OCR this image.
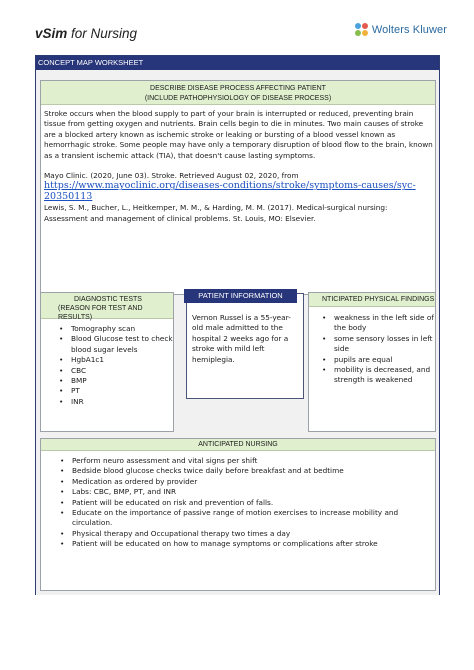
vSim for Nursing	Wolters Kluwer
CONCEPT MAP WORKSHEET
DESCRIBE DISEASE PROCESS AFFECTING PATIENT
(INCLUDE PATHOPHYSIOLOGY OF DISEASE PROCESS)
Stroke occurs when the blood supply to part of your brain is interrupted or reduced, preventing brain tissue from getting oxygen and nutrients. Brain cells begin to die in minutes. Two main causes of stroke are a blocked artery known as ischemic stroke or leaking or bursting of a blood vessel known as hemorrhagic stroke. Some people may have only a temporary disruption of blood flow to the brain, known as a transient ischemic attack (TIA), that doesn't cause lasting symptoms.
Mayo Clinic. (2020, June 03). Stroke. Retrieved August 02, 2020, from https://www.mayoclinic.org/diseases-conditions/stroke/symptoms-causes/syc-20350113
Lewis, S. M., Bucher, L., Heitkemper, M. M., & Harding, M. M. (2017). Medical-surgical nursing: Assessment and management of clinical problems. St. Louis, MO: Elsevier.
DIAGNOSTIC TESTS
(REASON FOR TEST AND
RESULTS)
• Tomography scan
• Blood Glucose test to check blood sugar levels
• HgbA1c1
• CBC
• BMP
• PT
• INR
NTICIPATED PHYSICAL FINDINGS
• weakness in the left side of the body
• some sensory losses in left side
• pupils are equal
• mobility is decreased, and strength is weakened
PATIENT INFORMATION
Vernon Russel is a 55-year-old male admitted to the hospital 2 weeks ago for a stroke with mild left hemiplegia.
ANTICIPATED NURSING
• Perform neuro assessment and vital signs per shift
• Bedside blood glucose checks twice daily before breakfast and at bedtime
• Medication as ordered by provider
• Labs: CBC, BMP, PT, and INR
• Patient will be educated on risk and prevention of falls.
• Educate on the importance of passive range of motion exercises to increase mobility and circulation.
• Physical therapy and Occupational therapy two times a day
• Patient will be educated on how to manage symptoms or complications after stroke
